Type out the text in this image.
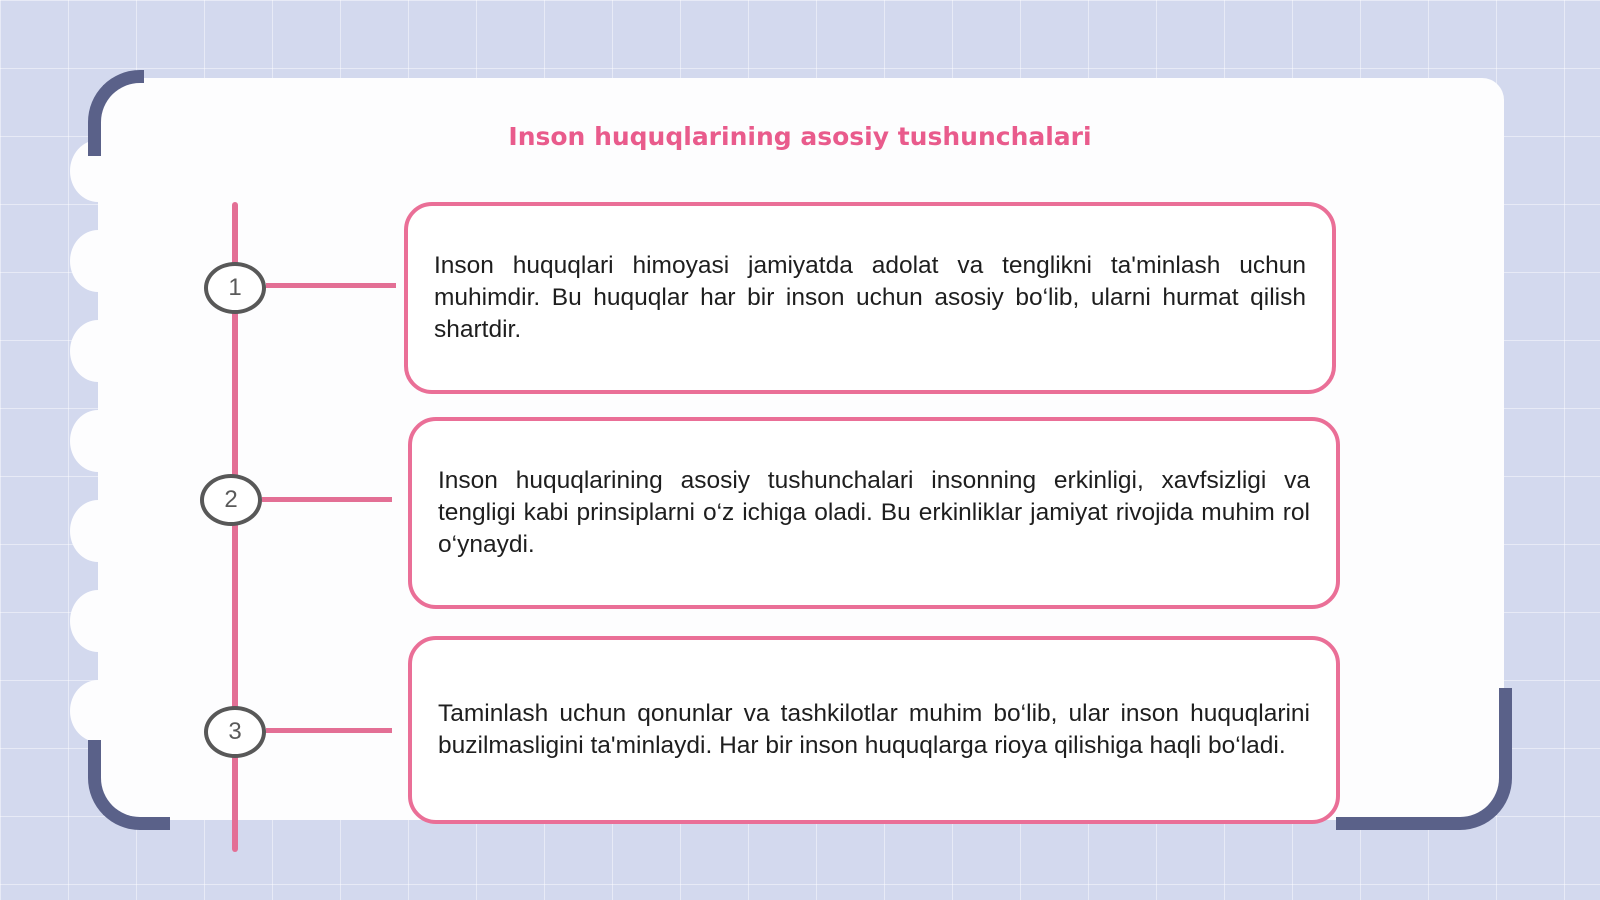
Inson huquqlarining asosiy tushunchalari
1
2
3

Inson huquqlari himoyasi jamiyatda adolat va tenglikni ta'minlash uchun muhimdir. Bu huquqlar har bir inson uchun asosiy bo‘lib, ularni hurmat qilish shartdir.

Inson huquqlarining asosiy tushunchalari insonning erkinligi, xavfsizligi va tengligi kabi prinsiplarni o‘z ichiga oladi. Bu erkinliklar jamiyat rivojida muhim rol o‘ynaydi.

Taminlash uchun qonunlar va tashkilotlar muhim bo‘lib, ular inson huquqlarini buzilmasligini ta'minlaydi. Har bir inson huquqlarga rioya qilishiga haqli bo‘ladi.
